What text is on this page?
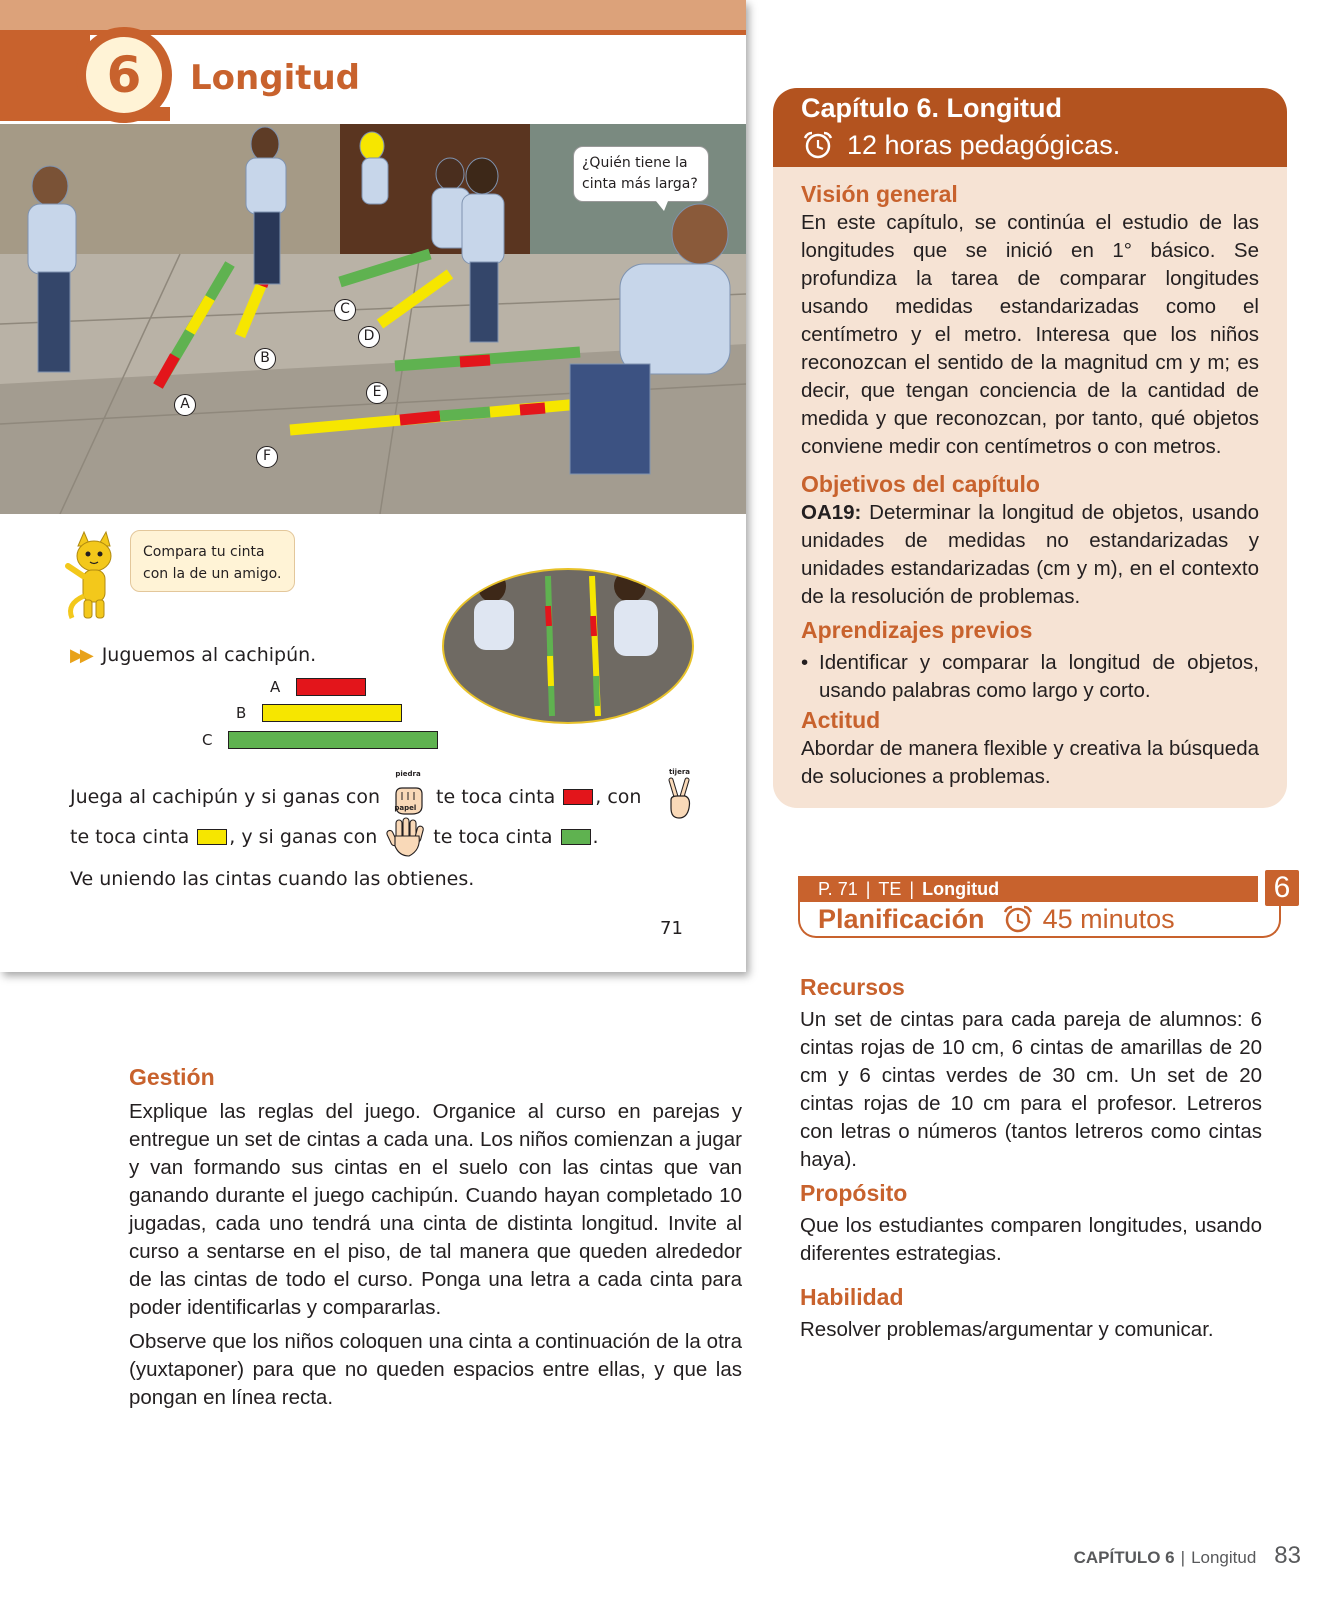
6	Longitud
¿Quién tiene la cinta más larga?
A
B
C
D
E
F
Compara tu cinta con la de un amigo.
▶▶ Juguemos al cachipún.
A
B
C
Juega al cachipún y si ganas con
piedra
te toca cinta , con
tijera
te toca cinta , y si ganas con
papel
te toca cinta .
Ve uniendo las cintas cuando las obtienes.
71
Capítulo 6. Longitud
12 horas pedagógicas.
Visión general
En este capítulo, se continúa el estudio de las longitudes que se inició en 1° básico. Se profundiza la tarea de comparar longitudes usando medidas estandarizadas como el centímetro y el metro. Interesa que los niños reconozcan el sentido de la magnitud cm y m; es decir, que tengan conciencia de la cantidad de medida y que reconozcan, por tanto, qué objetos conviene medir con centímetros o con metros.
Objetivos del capítulo
OA19: Determinar la longitud de objetos, usando unidades de medidas no estandarizadas y unidades estandarizadas (cm y m), en el contexto de la resolución de problemas.
Aprendizajes previos
• Identificar y comparar la longitud de objetos, usando palabras como largo y corto.
Actitud
Abordar de manera flexible y creativa la búsqueda de soluciones a problemas.
P. 71 | TE | Longitud	6
Planificación 45 minutos
Recursos
Un set de cintas para cada pareja de alumnos: 6 cintas rojas de 10 cm, 6 cintas de amarillas de 20 cm y 6 cintas verdes de 30 cm. Un set de 20 cintas rojas de 10 cm para el profesor. Letreros con letras o números (tantos letreros como cintas haya).
Propósito
Que los estudiantes comparen longitudes, usando diferentes estrategias.
Habilidad
Resolver problemas/argumentar y comunicar.
Gestión

Explique las reglas del juego. Organice al curso en parejas y entregue un set de cintas a cada una. Los niños comienzan a jugar y van formando sus cintas en el suelo con las cintas que van ganando durante el juego cachipún. Cuando hayan completado 10 jugadas, cada uno tendrá una cinta de distinta longitud. Invite al curso a sentarse en el piso, de tal manera que queden alrededor de las cintas de todo el curso. Ponga una letra a cada cinta para poder identificarlas y compararlas.

Observe que los niños coloquen una cinta a continuación de la otra (yuxtaponer) para que no queden espacios entre ellas, y que las pongan en línea recta.

CAPÍTULO 6 | Longitud 83
